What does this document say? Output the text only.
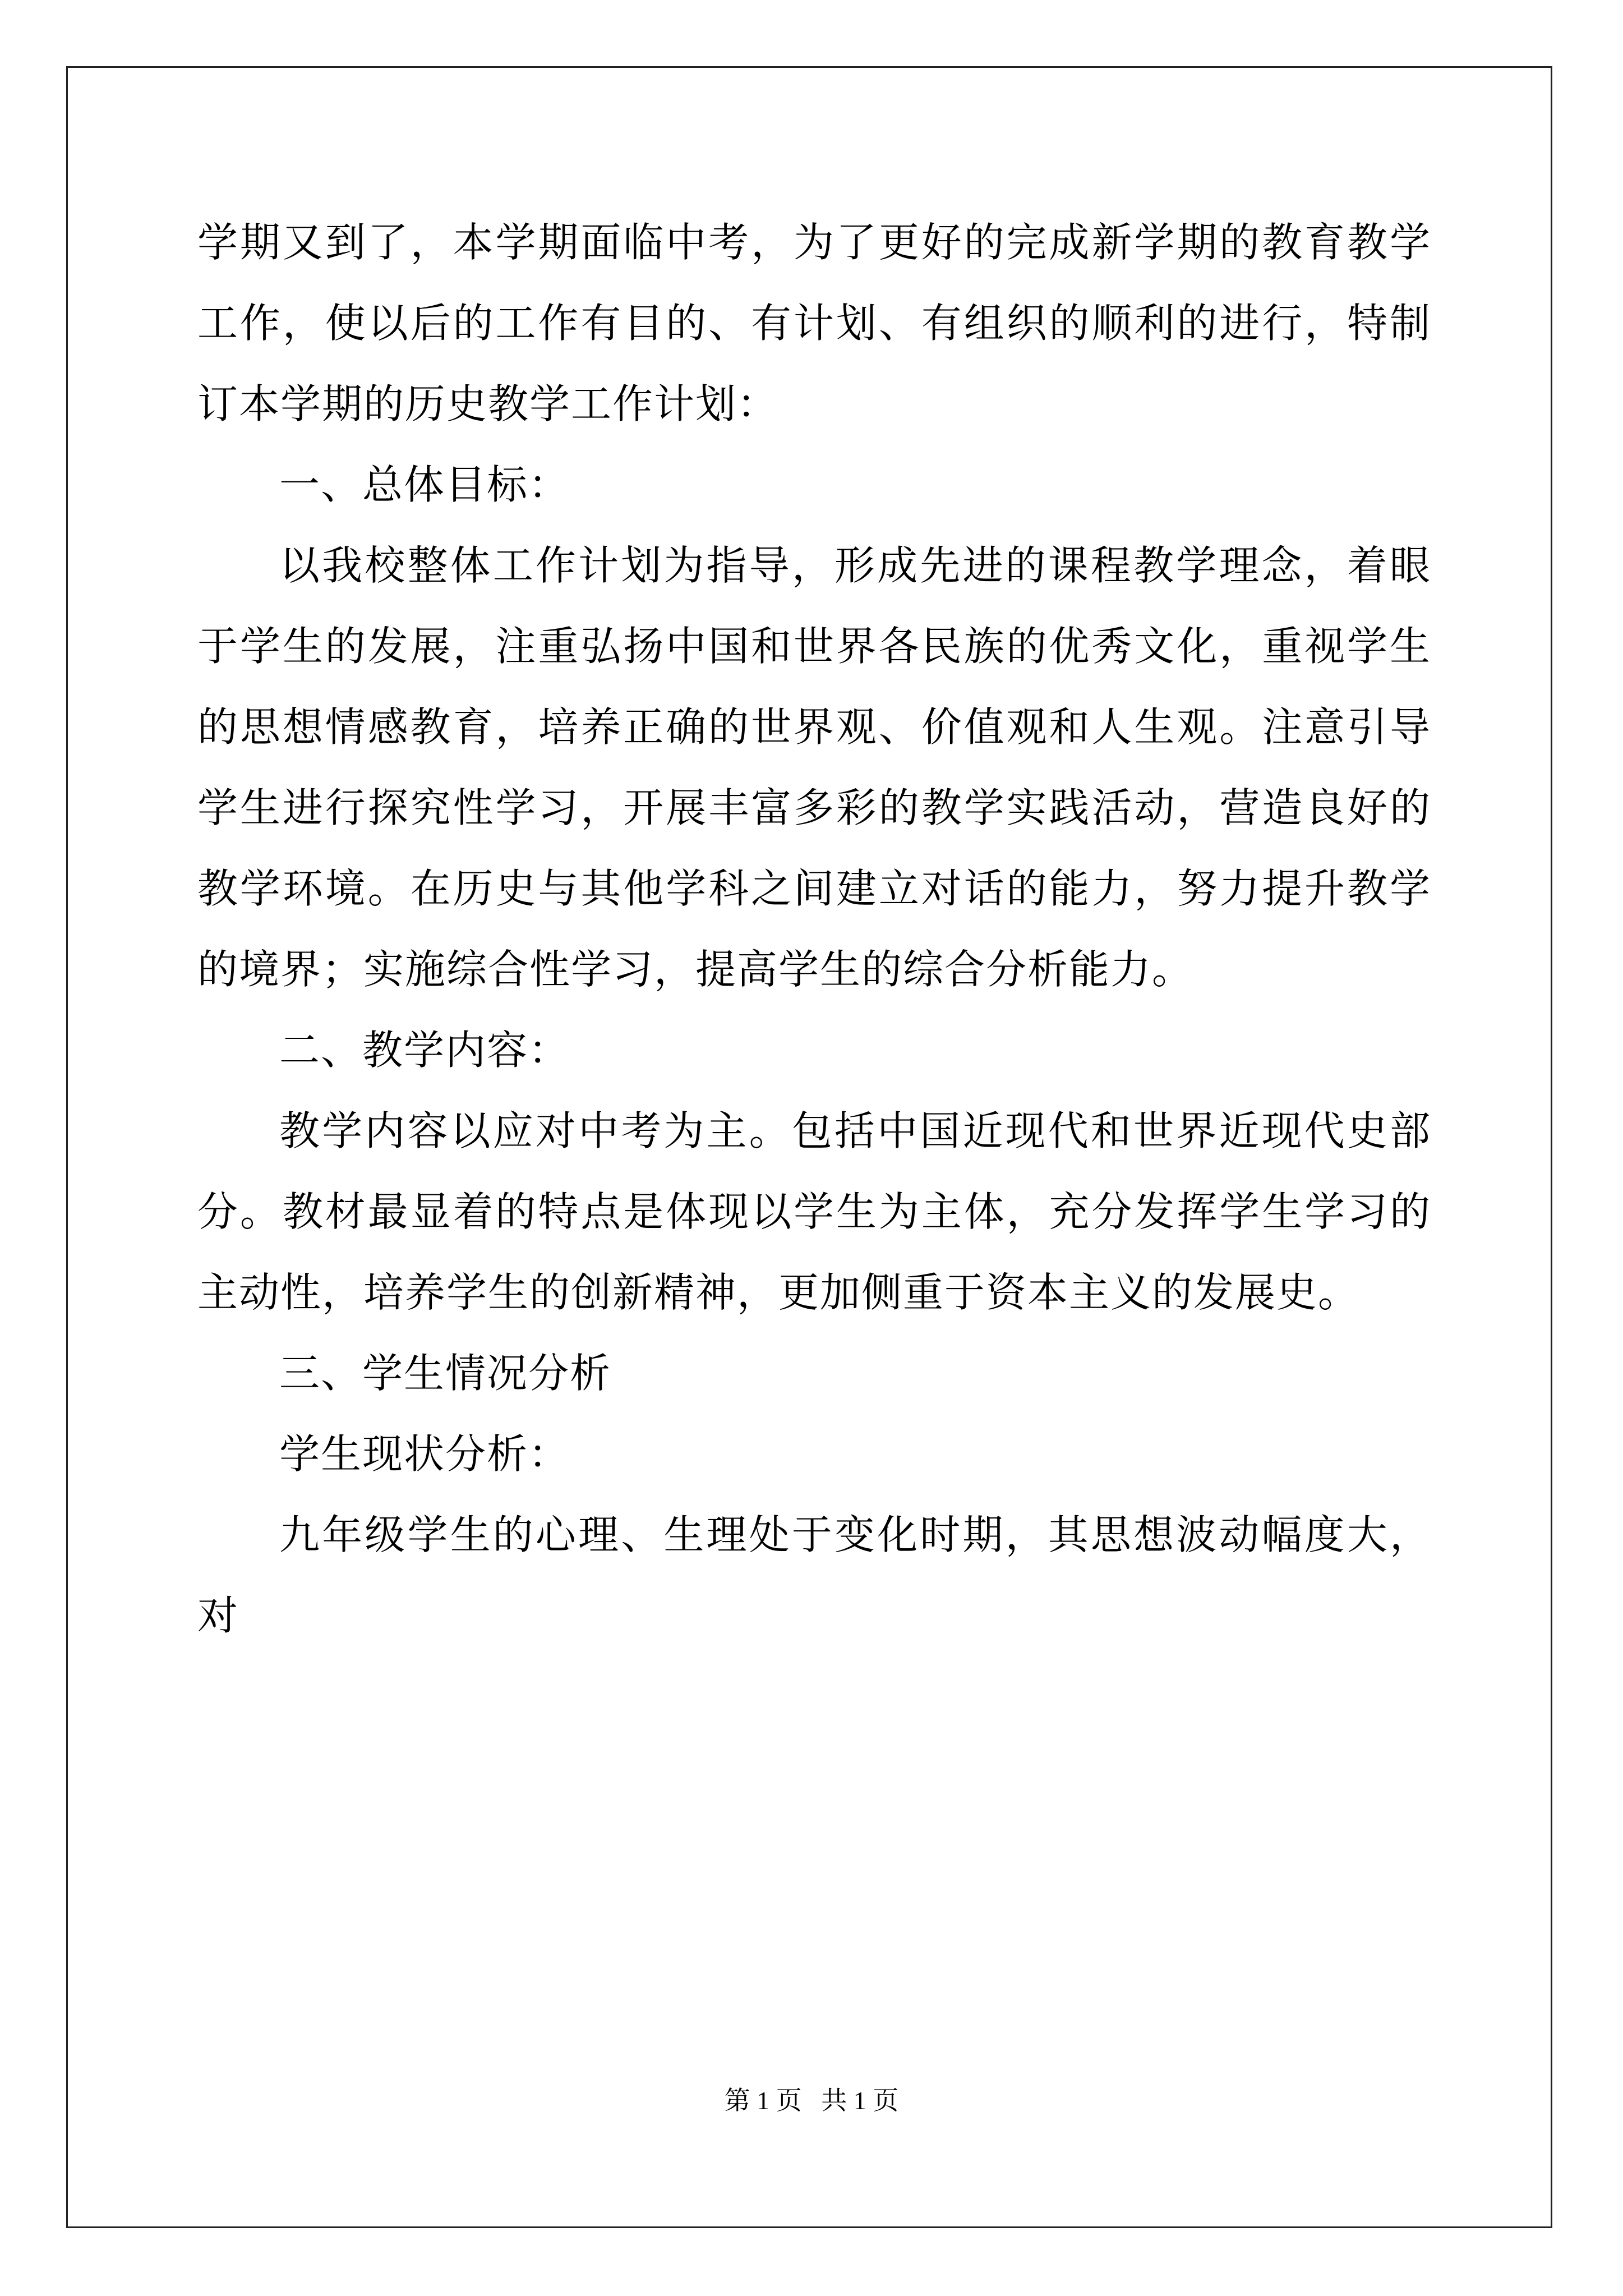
学期又到了，本学期面临中考，为了更好的完成新学期的教育教学工作，使以后的工作有目的、有计划、有组织的顺利的进行，特制订本学期的历史教学工作计划：

一、总体目标：

以我校整体工作计划为指导，形成先进的课程教学理念，着眼于学生的发展，注重弘扬中国和世界各民族的优秀文化，重视学生的思想情感教育，培养正确的世界观、价值观和人生观。注意引导学生进行探究性学习，开展丰富多彩的教学实践活动，营造良好的教学环境。在历史与其他学科之间建立对话的能力，努力提升教学的境界；实施综合性学习，提高学生的综合分析能力。

二、教学内容：

教学内容以应对中考为主。包括中国近现代和世界近现代史部分。教材最显着的特点是体现以学生为主体，充分发挥学生学习的主动性，培养学生的创新精神，更加侧重于资本主义的发展史。

三、学生情况分析

学生现状分析：

九年级学生的心理、生理处于变化时期，其思想波动幅度大，对

第 1 页 共 1 页
